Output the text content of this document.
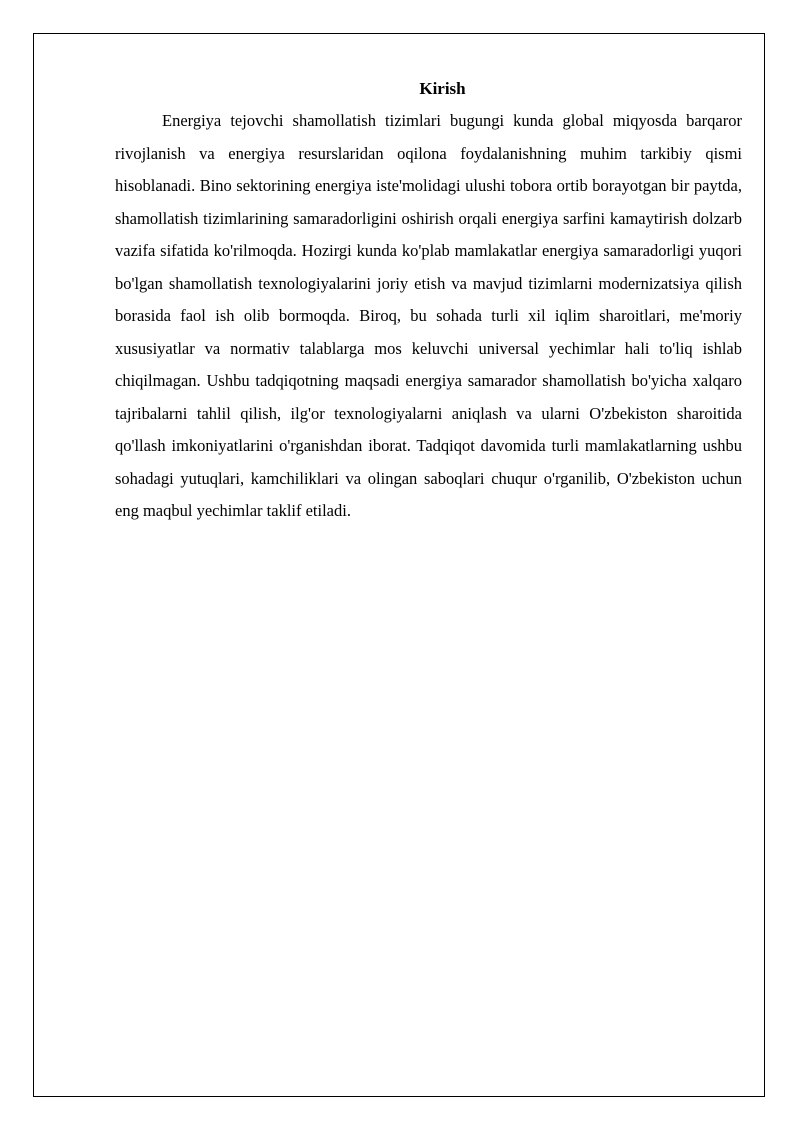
Kirish

Energiya tejovchi shamollatish tizimlari bugungi kunda global miqyosda barqaror rivojlanish va energiya resurslaridan oqilona foydalanishning muhim tarkibiy qismi hisoblanadi. Bino sektorining energiya iste'molidagi ulushi tobora ortib borayotgan bir paytda, shamollatish tizimlarining samaradorligini oshirish orqali energiya sarfini kamaytirish dolzarb vazifa sifatida ko'rilmoqda. Hozirgi kunda ko'plab mamlakatlar energiya samaradorligi yuqori bo'lgan shamollatish texnologiyalarini joriy etish va mavjud tizimlarni modernizatsiya qilish borasida faol ish olib bormoqda. Biroq, bu sohada turli xil iqlim sharoitlari, me'moriy xususiyatlar va normativ talablarga mos keluvchi universal yechimlar hali to'liq ishlab chiqilmagan. Ushbu tadqiqotning maqsadi energiya samarador shamollatish bo'yicha xalqaro tajribalarni tahlil qilish, ilg'or texnologiyalarni aniqlash va ularni O'zbekiston sharoitida qo'llash imkoniyatlarini o'rganishdan iborat. Tadqiqot davomida turli mamlakatlarning ushbu sohadagi yutuqlari, kamchiliklari va olingan saboqlari chuqur o'rganilib, O'zbekiston uchun eng maqbul yechimlar taklif etiladi.
